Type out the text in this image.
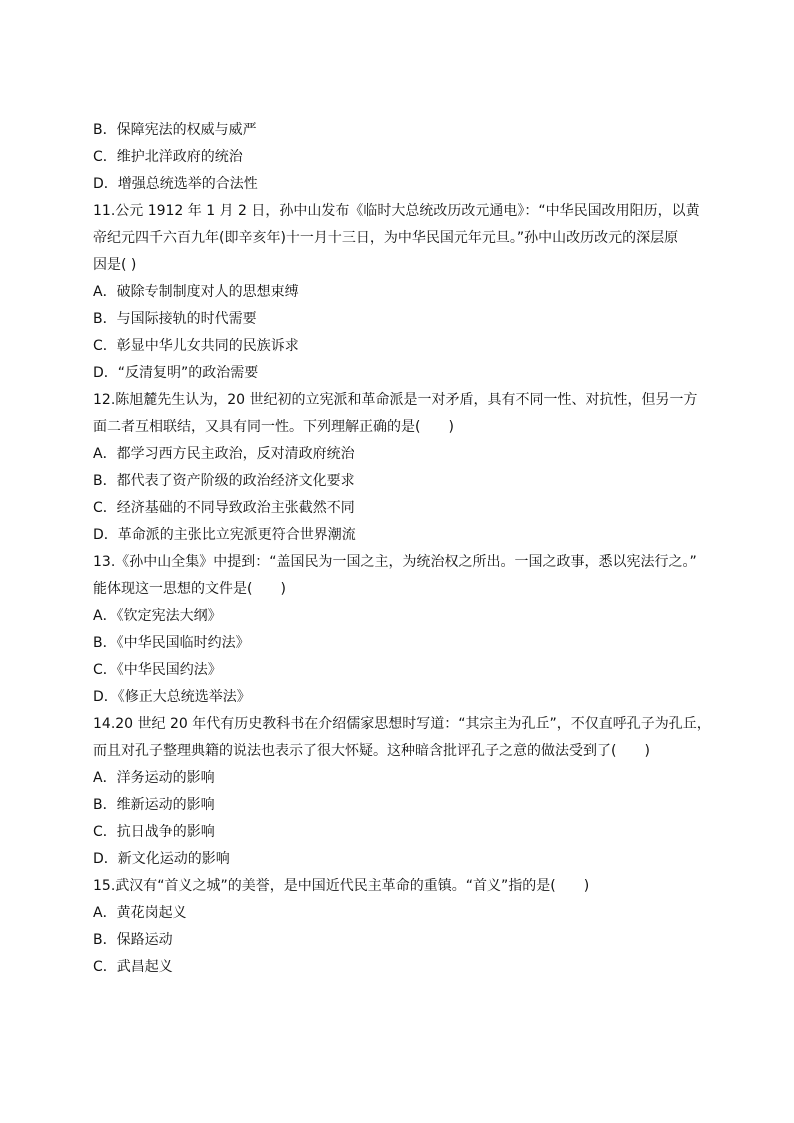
B．保障宪法的权威与威严
C．维护北洋政府的统治
D．增强总统选举的合法性
11.公元 1912 年 1 月 2 日，孙中山发布《临时大总统改历改元通电》：“中华民国改用阳历，以黄
帝纪元四千六百九年(即辛亥年)十一月十三日，为中华民国元年元旦。”孙中山改历改元的深层原
因是( )
A．破除专制制度对人的思想束缚
B．与国际接轨的时代需要
C．彰显中华儿女共同的民族诉求
D．“反清复明”的政治需要
12.陈旭麓先生认为，20 世纪初的立宪派和革命派是一对矛盾，具有不同一性、对抗性，但另一方
面二者互相联结，又具有同一性。下列理解正确的是(　　)
A．都学习西方民主政治，反对清政府统治
B．都代表了资产阶级的政治经济文化要求
C．经济基础的不同导致政治主张截然不同
D．革命派的主张比立宪派更符合世界潮流
13.《孙中山全集》中提到：“盖国民为一国之主，为统治权之所出。一国之政事，悉以宪法行之。”
能体现这一思想的文件是(　　)
A．《钦定宪法大纲》
B．《中华民国临时约法》
C．《中华民国约法》
D．《修正大总统选举法》
14.20 世纪 20 年代有历史教科书在介绍儒家思想时写道：“其宗主为孔丘”，不仅直呼孔子为孔丘，
而且对孔子整理典籍的说法也表示了很大怀疑。这种暗含批评孔子之意的做法受到了(　　)
A．洋务运动的影响
B．维新运动的影响
C．抗日战争的影响
D．新文化运动的影响
15.武汉有“首义之城”的美誉，是中国近代民主革命的重镇。“首义”指的是(　　)
A．黄花岗起义
B．保路运动
C．武昌起义
